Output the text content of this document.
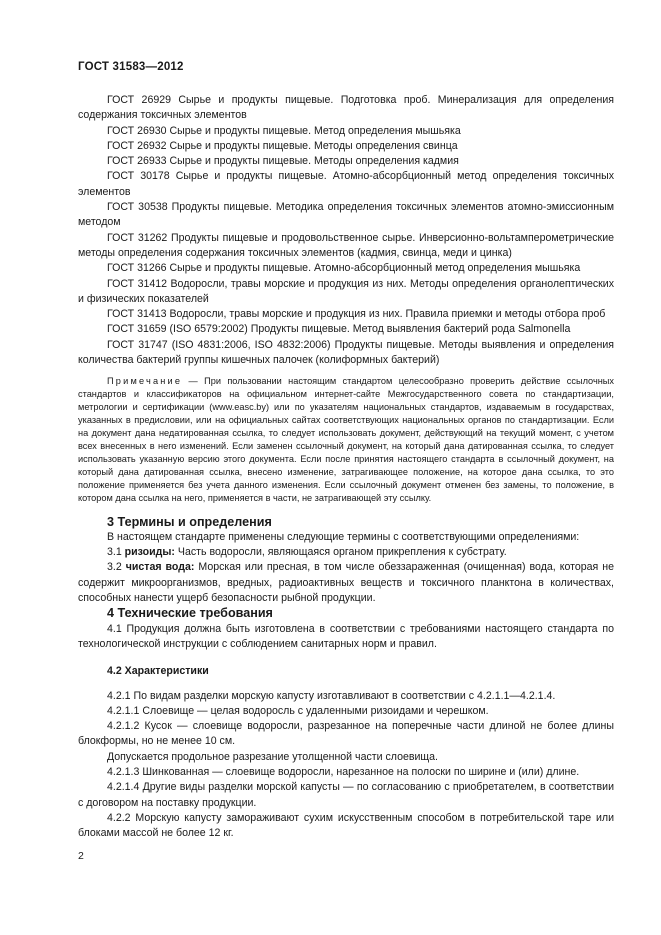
ГОСТ 31583—2012

ГОСТ 26929 Сырье и продукты пищевые. Подготовка проб. Минерализация для определения содержания токсичных элементов

ГОСТ 26930 Сырье и продукты пищевые. Метод определения мышьяка

ГОСТ 26932 Сырье и продукты пищевые. Методы определения свинца

ГОСТ 26933 Сырье и продукты пищевые. Методы определения кадмия

ГОСТ 30178 Сырье и продукты пищевые. Атомно-абсорбционный метод определения токсичных элементов

ГОСТ 30538 Продукты пищевые. Методика определения токсичных элементов атомно-эмиссионным методом

ГОСТ 31262 Продукты пищевые и продовольственное сырье. Инверсионно-вольтамперометрические методы определения содержания токсичных элементов (кадмия, свинца, меди и цинка)

ГОСТ 31266 Сырье и продукты пищевые. Атомно-абсорбционный метод определения мышьяка

ГОСТ 31412 Водоросли, травы морские и продукция из них. Методы определения органолептических и физических показателей

ГОСТ 31413 Водоросли, травы морские и продукция из них. Правила приемки и методы отбора проб

ГОСТ 31659 (ISO 6579:2002) Продукты пищевые. Метод выявления бактерий рода Salmonella

ГОСТ 31747 (ISO 4831:2006, ISO 4832:2006) Продукты пищевые. Методы выявления и определения количества бактерий группы кишечных палочек (колиформных бактерий)

Примечание — При пользовании настоящим стандартом целесообразно проверить действие ссылочных стандартов и классификаторов на официальном интернет-сайте Межгосударственного совета по стандартизации, метрологии и сертификации (www.easc.by) или по указателям национальных стандартов, издаваемым в государствах, указанных в предисловии, или на официальных сайтах соответствующих национальных органов по стандартизации. Если на документ дана недатированная ссылка, то следует использовать документ, действующий на текущий момент, с учетом всех внесенных в него изменений. Если заменен ссылочный документ, на который дана датированная ссылка, то следует использовать указанную версию этого документа. Если после принятия настоящего стандарта в ссылочный документ, на который дана датированная ссылка, внесено изменение, затрагивающее положение, на которое дана ссылка, то это положение применяется без учета данного изменения. Если ссылочный документ отменен без замены, то положение, в котором дана ссылка на него, применяется в части, не затрагивающей эту ссылку.

3 Термины и определения

В настоящем стандарте применены следующие термины с соответствующими определениями:

3.1 ризоиды: Часть водоросли, являющаяся органом прикрепления к субстрату.

3.2 чистая вода: Морская или пресная, в том числе обеззараженная (очищенная) вода, которая не содержит микроорганизмов, вредных, радиоактивных веществ и токсичного планктона в количествах, способных нанести ущерб безопасности рыбной продукции.

4 Технические требования

4.1 Продукция должна быть изготовлена в соответствии с требованиями настоящего стандарта по технологической инструкции с соблюдением санитарных норм и правил.

4.2 Характеристики

4.2.1 По видам разделки морскую капусту изготавливают в соответствии с 4.2.1.1—4.2.1.4.

4.2.1.1 Слоевище — целая водоросль с удаленными ризоидами и черешком.

4.2.1.2 Кусок — слоевище водоросли, разрезанное на поперечные части длиной не более длины блокформы, но не менее 10 см.

Допускается продольное разрезание утолщенной части слоевища.

4.2.1.3 Шинкованная — слоевище водоросли, нарезанное на полоски по ширине и (или) длине.

4.2.1.4 Другие виды разделки морской капусты — по согласованию с приобретателем, в соответствии с договором на поставку продукции.

4.2.2 Морскую капусту замораживают сухим искусственным способом в потребительской таре или блоками массой не более 12 кг.

2
